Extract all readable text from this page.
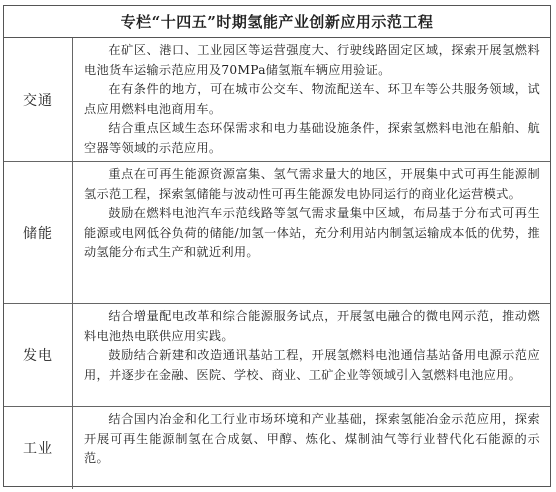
专栏“十四五”时期氢能产业创新应用示范工程
交通

在矿区、港口、工业园区等运营强度大、行驶线路固定区域，探索开展氢燃料电池货车运输示范应用及70MPa储氢瓶车辆应用验证。

在有条件的地方，可在城市公交车、物流配送车、环卫车等公共服务领域，试点应用燃料电池商用车。

结合重点区域生态环保需求和电力基础设施条件，探索氢燃料电池在船舶、航空器等领域的示范应用。

储能

重点在可再生能源资源富集、氢气需求量大的地区，开展集中式可再生能源制氢示范工程，探索氢储能与波动性可再生能源发电协同运行的商业化运营模式。

鼓励在燃料电池汽车示范线路等氢气需求量集中区域，布局基于分布式可再生能源或电网低谷负荷的储能/加氢一体站，充分利用站内制氢运输成本低的优势，推动氢能分布式生产和就近利用。

发电

结合增量配电改革和综合能源服务试点，开展氢电融合的微电网示范，推动燃料电池热电联供应用实践。

鼓励结合新建和改造通讯基站工程，开展氢燃料电池通信基站备用电源示范应用，并逐步在金融、医院、学校、商业、工矿企业等领域引入氢燃料电池应用。

工业

结合国内冶金和化工行业市场环境和产业基础，探索氢能冶金示范应用，探索开展可再生能源制氢在合成氨、甲醇、炼化、煤制油气等行业替代化石能源的示范。
